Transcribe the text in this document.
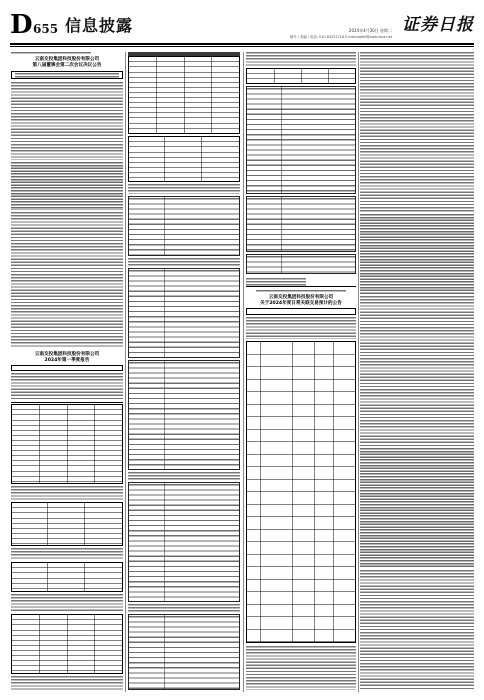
D 655 信息披露	2024年4月30日 星期二
制作 / 美编 / 电话: 010-83251716 E-mail:zqrb9@zqrb.sina.net
证券日报
云南交投集团科技股份有限公司
第八届董事会第二次会议决议公告
云南交投集团科技股份有限公司
2024年第一季度报告
云南交投集团科技股份有限公司
关于2024年度日常关联交易预计的公告
